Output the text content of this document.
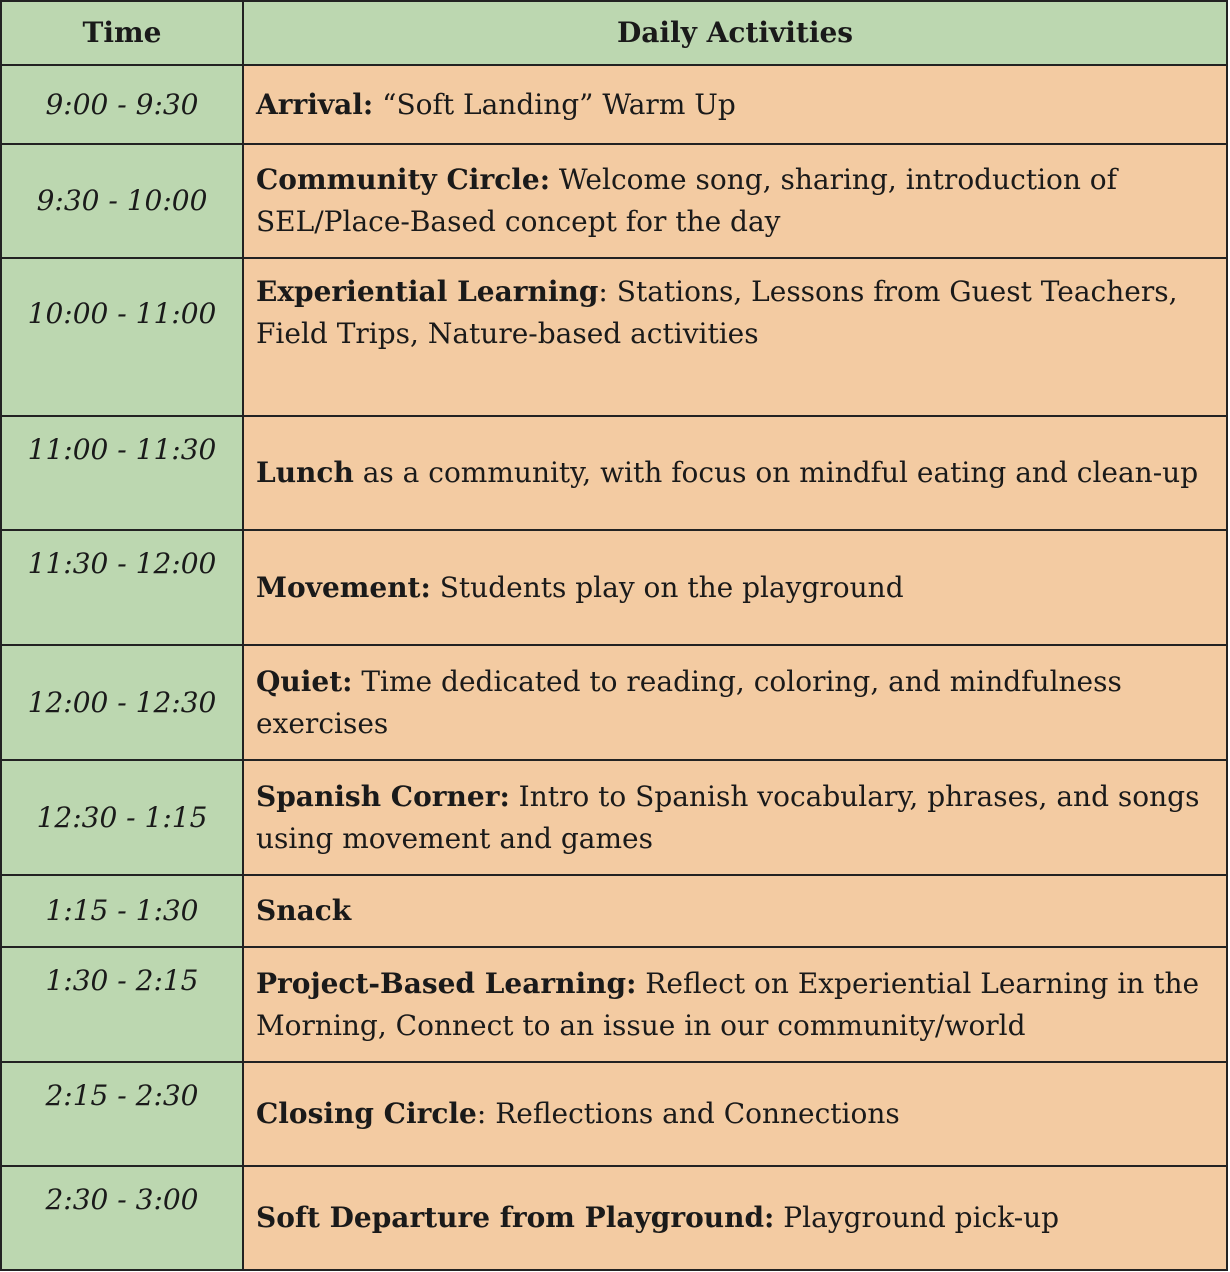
Time	Daily Activities
9:00 - 9:30	Arrival: “Soft Landing” Warm Up
9:30 - 10:00	Community Circle: Welcome song, sharing, introduction of SEL/Place-Based concept for the day
10:00 - 11:00	Experiential Learning: Stations, Lessons from Guest Teachers, Field Trips, Nature-based activities
11:00 - 11:30	Lunch as a community, with focus on mindful eating and clean-up
11:30 - 12:00	Movement: Students play on the playground
12:00 - 12:30	Quiet: Time dedicated to reading, coloring, and mindfulness exercises
12:30 - 1:15	Spanish Corner: Intro to Spanish vocabulary, phrases, and songs using movement and games
1:15 - 1:30	Snack
1:30 - 2:15	Project-Based Learning: Reflect on Experiential Learning in the Morning, Connect to an issue in our community/world
2:15 - 2:30	Closing Circle: Reflections and Connections
2:30 - 3:00	Soft Departure from Playground: Playground pick-up
